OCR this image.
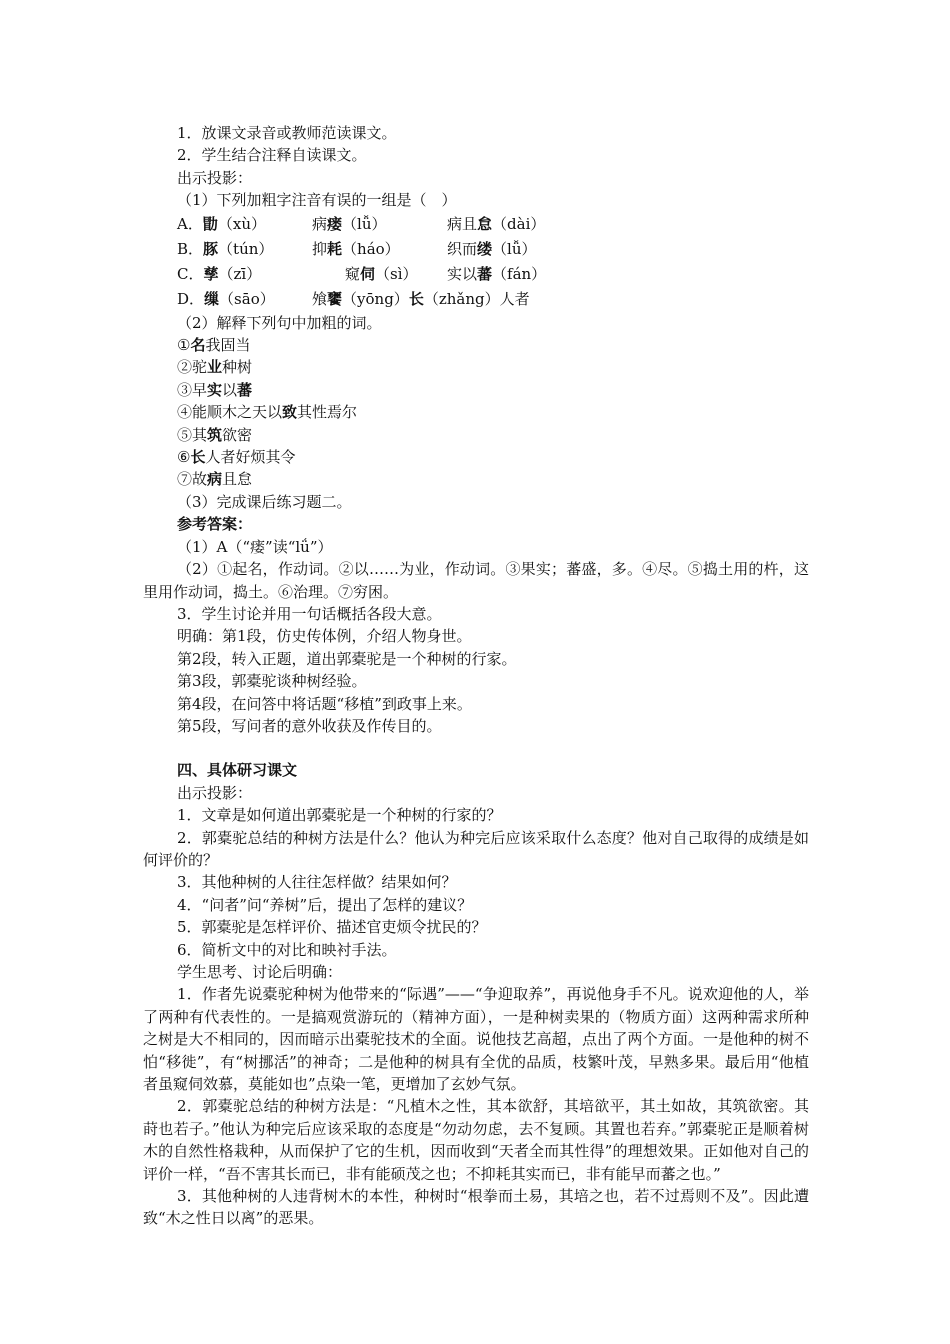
1．放课文录音或教师范读课文。
2．学生结合注释自读课文。
出示投影：
（1）下列加粗字注音有误的一组是（　）
A．勖（xù）	病瘘（lǚ）	病且怠（dài）
B．豚（tún）	抑耗（háo）	织而缕（lǚ）
C．孳（zī）	窥伺（sì） 实以蕃（fán）
D．缫（sāo） 飧饔（yōng）长（zhǎng）人者
（2）解释下列句中加粗的词。
①名我固当
②驼业种树
③早实以蕃
④能顺木之天以致其性焉尔
⑤其筑欲密
⑥长人者好烦其令
⑦故病且怠
（3）完成课后练习题二。
参考答案：
（1）A（“瘘”读“lǘ”）
（2）①起名，作动词。②以……为业，作动词。③果实；蕃盛，多。④尽。⑤捣土用的杵，这里用作动词，捣土。⑥治理。⑦穷困。
3．学生讨论并用一句话概括各段大意。
明确：第1段，仿史传体例，介绍人物身世。
第2段，转入正题，道出郭橐驼是一个种树的行家。
第3段，郭橐驼谈种树经验。
第4段，在问答中将话题“移植”到政事上来。
第5段，写问者的意外收获及作传目的。
四、具体研习课文
出示投影：
1．文章是如何道出郭橐驼是一个种树的行家的？
2．郭橐驼总结的种树方法是什么？他认为种完后应该采取什么态度？他对自己取得的成绩是如何评价的？
3．其他种树的人往往怎样做？结果如何？
4．“问者”问“养树”后，提出了怎样的建议？
5．郭橐驼是怎样评价、描述官吏烦令扰民的？
6．简析文中的对比和映衬手法。
学生思考、讨论后明确：
1．作者先说橐驼种树为他带来的“际遇”——“争迎取养”，再说他身手不凡。说欢迎他的人，举了两种有代表性的。一是搞观赏游玩的（精神方面），一是种树卖果的（物质方面）这两种需求所种之树是大不相同的，因而暗示出橐驼技术的全面。说他技艺高超，点出了两个方面。一是他种的树不怕“移徙”，有“树挪活”的神奇；二是他种的树具有全优的品质，枝繁叶茂，早熟多果。最后用“他植者虽窥伺效慕，莫能如也”点染一笔，更增加了玄妙气氛。
2．郭橐驼总结的种树方法是：“凡植木之性，其本欲舒，其培欲平，其土如故，其筑欲密。其莳也若子。”他认为种完后应该采取的态度是“勿动勿虑，去不复顾。其置也若弃。”郭橐驼正是顺着树木的自然性格栽种，从而保护了它的生机，因而收到“天者全而其性得”的理想效果。正如他对自己的评价一样，“吾不害其长而已，非有能硕茂之也；不抑耗其实而已，非有能早而蕃之也。”
3．其他种树的人违背树木的本性，种树时“根拳而土易，其培之也，若不过焉则不及”。因此遭致“木之性日以离”的恶果。
